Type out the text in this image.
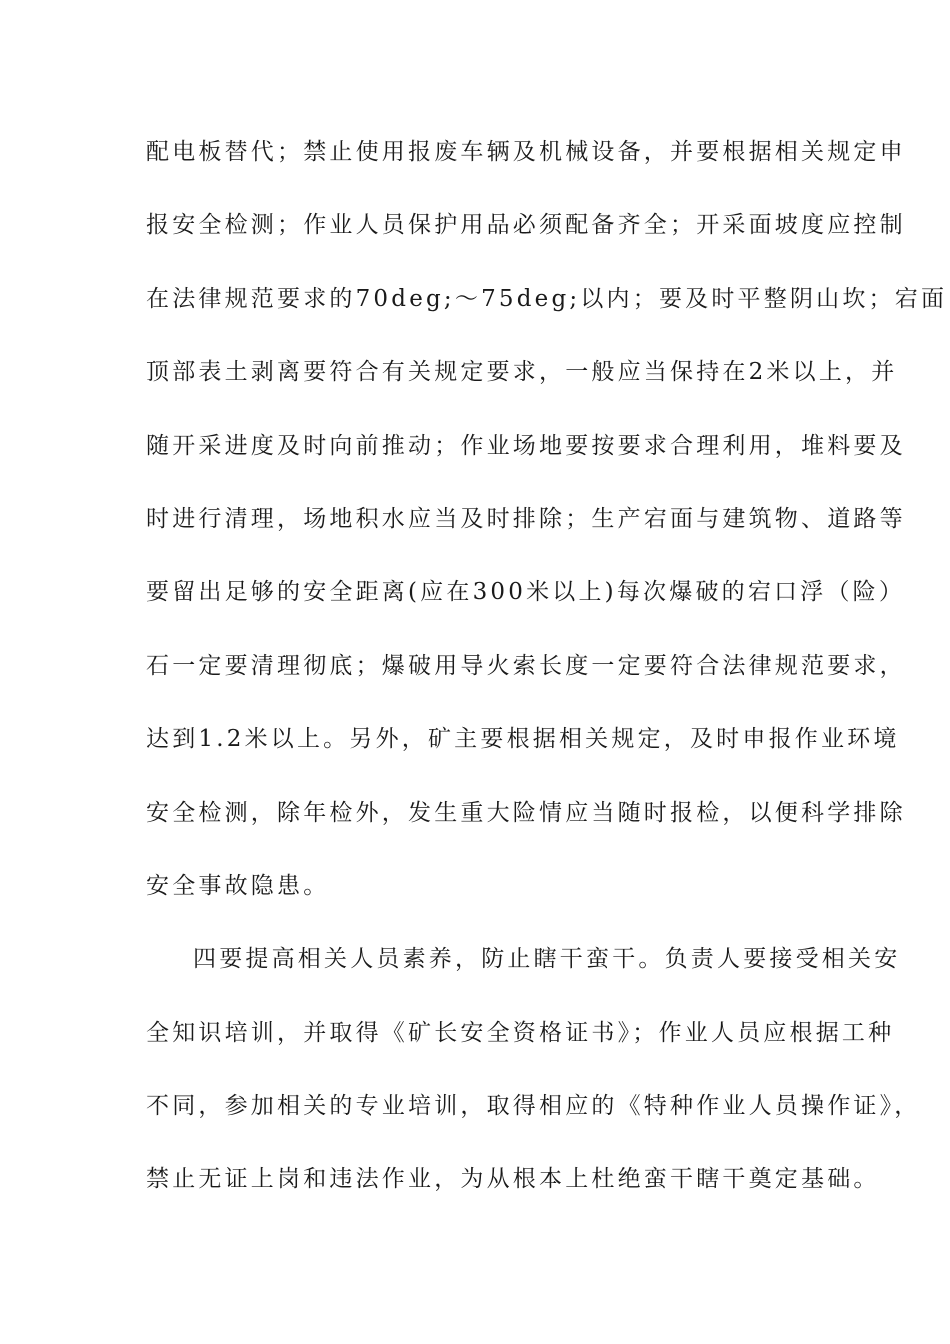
配电板替代；禁止使用报废车辆及机械设备，并要根据相关规定申
报安全检测；作业人员保护用品必须配备齐全；开采面坡度应控制
在法律规范要求的70deg;～75deg;以内；要及时平整阴山坎；宕面
顶部表土剥离要符合有关规定要求，一般应当保持在2米以上，并
随开采进度及时向前推动；作业场地要按要求合理利用，堆料要及
时进行清理，场地积水应当及时排除；生产宕面与建筑物、道路等
要留出足够的安全距离(应在300米以上)每次爆破的宕口浮（险）
石一定要清理彻底；爆破用导火索长度一定要符合法律规范要求，
达到1.2米以上。另外，矿主要根据相关规定，及时申报作业环境
安全检测，除年检外，发生重大险情应当随时报检，以便科学排除
安全事故隐患。
四要提高相关人员素养，防止瞎干蛮干。负责人要接受相关安
全知识培训，并取得《矿长安全资格证书》；作业人员应根据工种
不同，参加相关的专业培训，取得相应的《特种作业人员操作证》，
禁止无证上岗和违法作业，为从根本上杜绝蛮干瞎干奠定基础。
